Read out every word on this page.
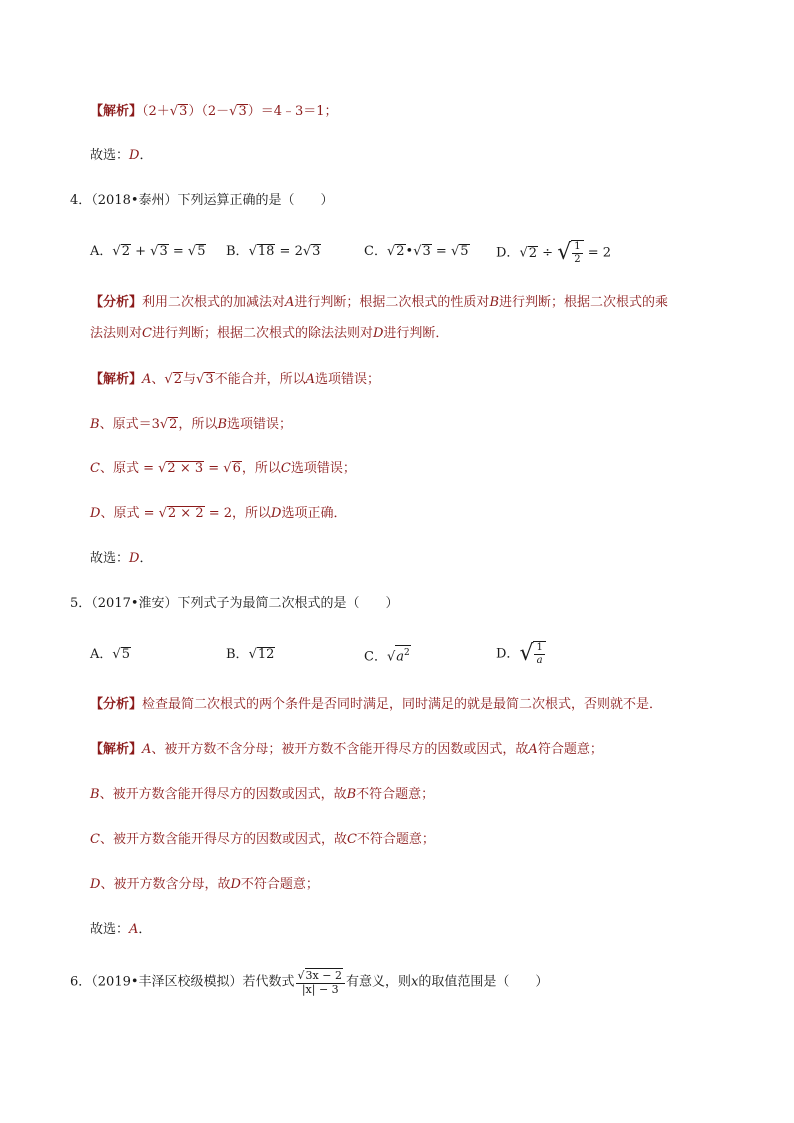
【解析】（2＋√3）（2－√3）＝4﹣3＝1；
故选：D．
4．（2018•泰州）下列运算正确的是（　　）
A．√2 + √3 = √5 B．√18 = 2√3	C．√2•√3 = √5 D．√2 ÷ √ $\frac{1}{2} = 2$
【分析】利用二次根式的加减法对A进行判断；根据二次根式的性质对B进行判断；根据二次根式的乘
法法则对C进行判断；根据二次根式的除法法则对D进行判断．
【解析】A、√2与√3不能合并，所以A选项错误；
B、原式＝3√2，所以B选项错误；
C、原式 = √2 × 3 = √6，所以C选项错误；
D、原式 = √2 × 2 = 2，所以D选项正确．
故选：D．
5．（2017•淮安）下列式子为最简二次根式的是（　　）
A．√5	B．√12	C．$√a^2$	D． √ $\frac{1}{a}$
【分析】检查最简二次根式的两个条件是否同时满足，同时满足的就是最简二次根式，否则就不是．
【解析】A、被开方数不含分母；被开方数不含能开得尽方的因数或因式，故A符合题意；
B、被开方数含能开得尽方的因数或因式，故B不符合题意；
C、被开方数含能开得尽方的因数或因式，故C不符合题意；
D、被开方数含分母，故D不符合题意；
故选：A．
6．（2019•丰泽区校级模拟）若代数式 $\frac{√3x - 2}{|x| - 3}$ 有意义，则x的取值范围是（　　）
